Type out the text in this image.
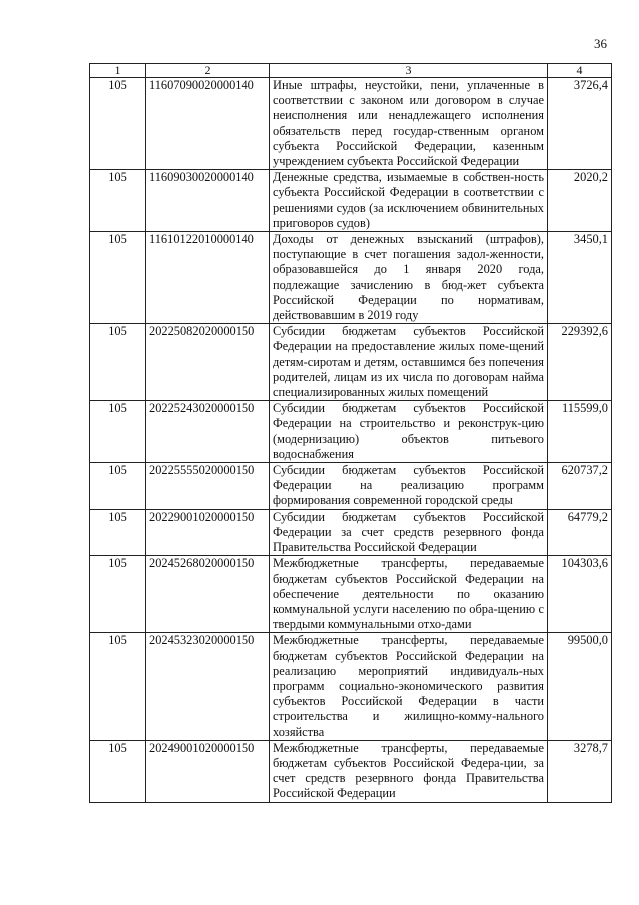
36
1	2	3	4
105	11607090020000140	Иные штрафы, неустойки, пени, уплаченные в соответствии с законом или договором в случае неисполнения или ненадлежащего исполнения обязательств перед государ-ственным органом субъекта Российской Федерации, казенным учреждением субъекта Российской Федерации	3726,4
105	11609030020000140	Денежные средства, изымаемые в собствен-ность субъекта Российской Федерации в соответствии с решениями судов (за исключением обвинительных приговоров судов)	2020,2
105	11610122010000140	Доходы от денежных взысканий (штрафов), поступающие в счет погашения задол-женности, образовавшейся до 1 января 2020 года, подлежащие зачислению в бюд-жет субъекта Российской Федерации по нормативам, действовавшим в 2019 году	3450,1
105	20225082020000150	Субсидии бюджетам субъектов Российской Федерации на предоставление жилых поме-щений детям-сиротам и детям, оставшимся без попечения родителей, лицам из их числа по договорам найма специализированных жилых помещений	229392,6
105	20225243020000150	Субсидии бюджетам субъектов Российской Федерации на строительство и реконструк-цию (модернизацию) объектов питьевого водоснабжения	115599,0
105	20225555020000150	Субсидии бюджетам субъектов Российской Федерации на реализацию программ формирования современной городской среды	620737,2
105	20229001020000150	Субсидии бюджетам субъектов Российской Федерации за счет средств резервного фонда Правительства Российской Федерации	64779,2
105	20245268020000150	Межбюджетные трансферты, передаваемые бюджетам субъектов Российской Федерации на обеспечение деятельности по оказанию коммунальной услуги населению по обра-щению с твердыми коммунальными отхо-дами	104303,6
105	20245323020000150	Межбюджетные трансферты, передаваемые бюджетам субъектов Российской Федерации на реализацию мероприятий индивидуаль-ных программ социально-экономического развития субъектов Российской Федерации в части строительства и жилищно-комму-нального хозяйства	99500,0
105	20249001020000150	Межбюджетные трансферты, передаваемые бюджетам субъектов Российской Федера-ции, за счет средств резервного фонда Правительства Российской Федерации	3278,7
